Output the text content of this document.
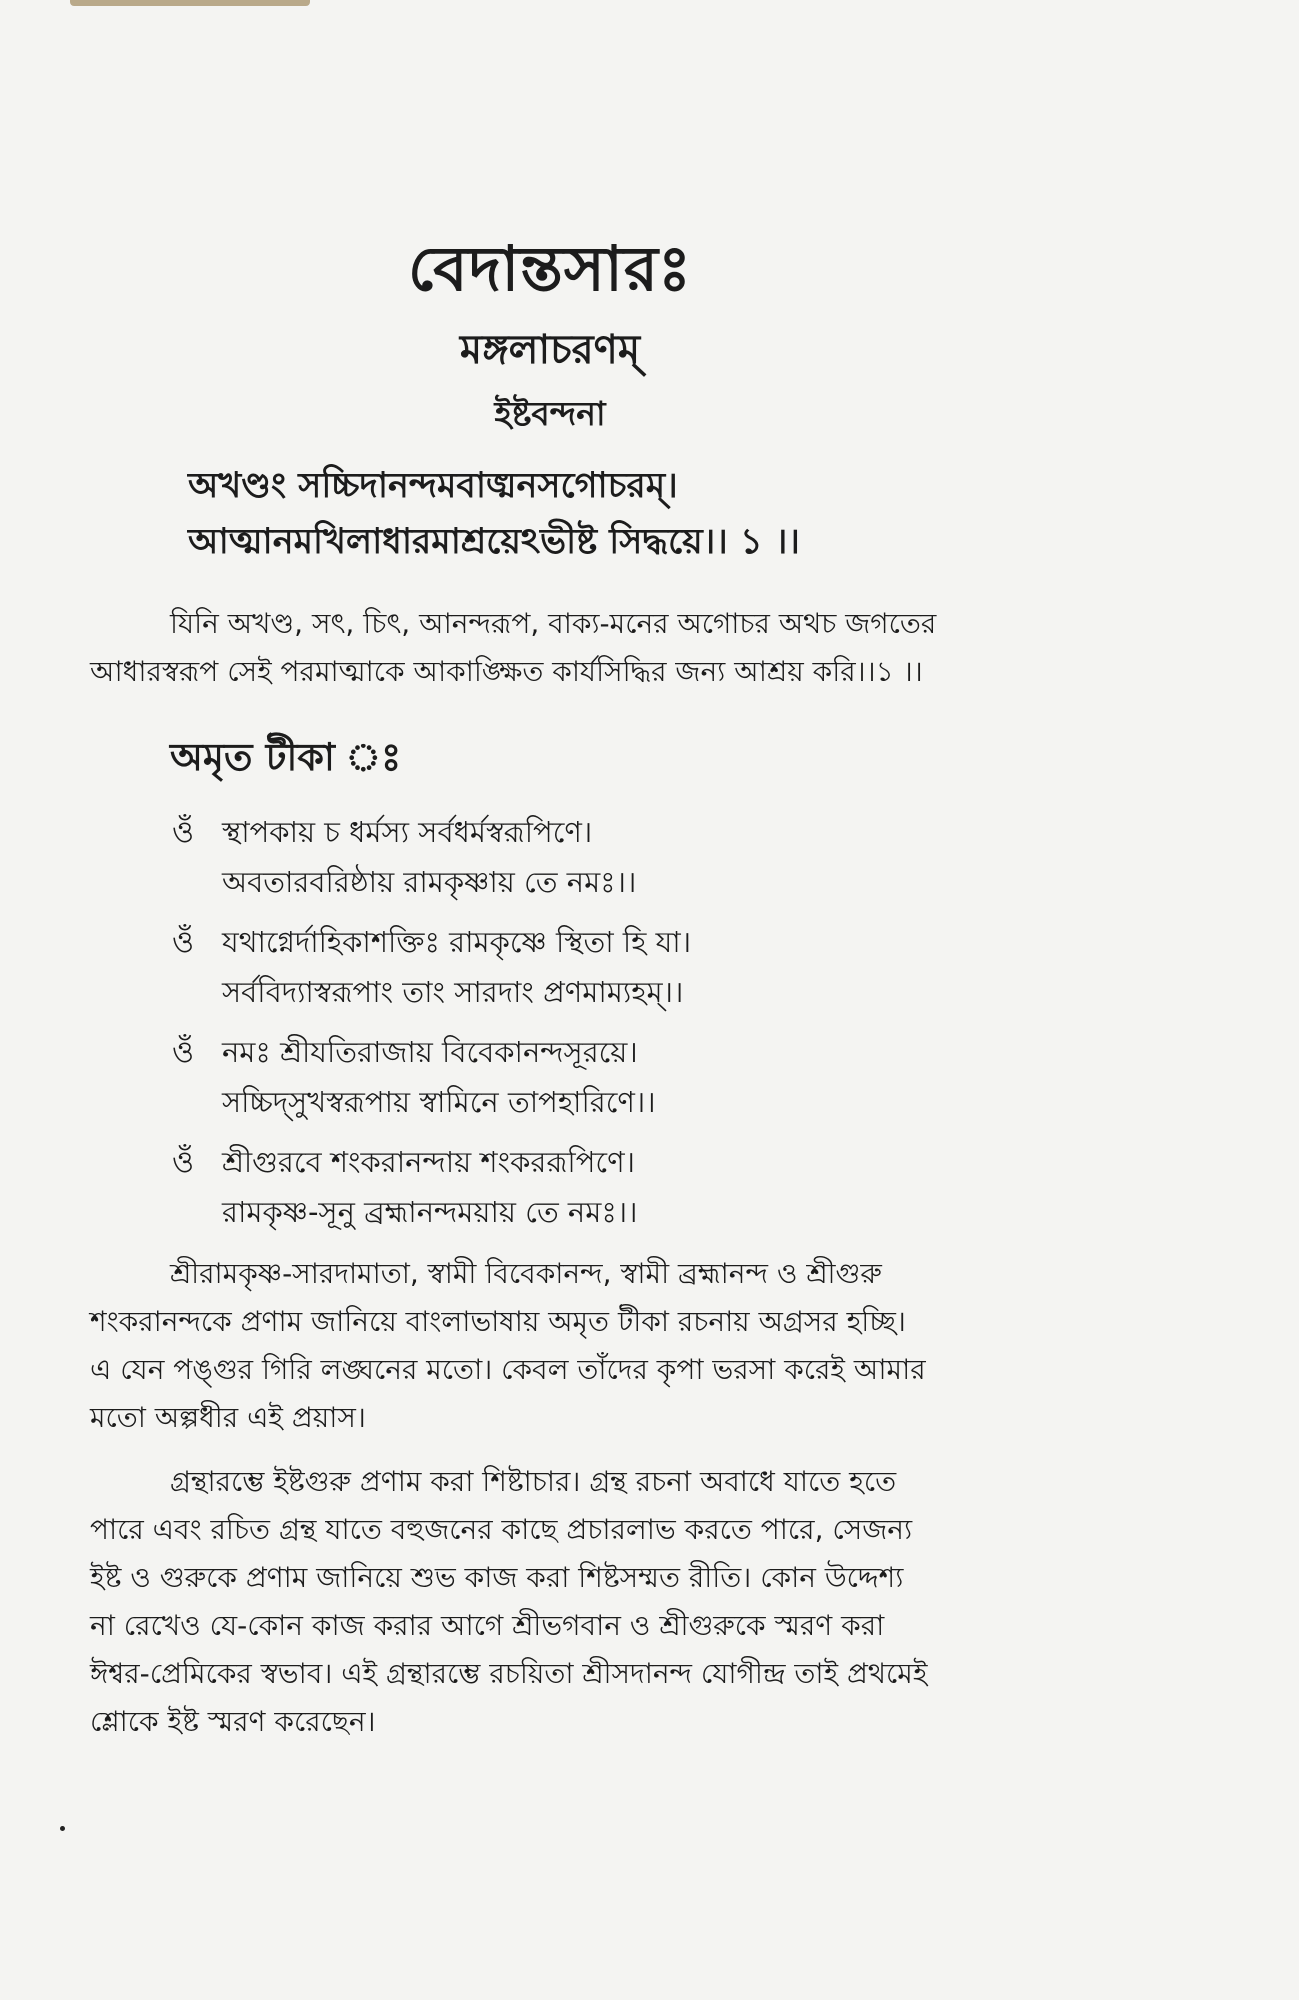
বেদান্তসারঃ
মঙ্গলাচরণম্
ইষ্টবন্দনা
অখণ্ডং সচ্চিদানন্দমবাঙ্মনসগোচরম্।
আত্মানমখিলাধারমাশ্রয়েঽভীষ্ট সিদ্ধয়ে।। ১ ।।
যিনি অখণ্ড, সৎ, চিৎ, আনন্দরূপ, বাক্য-মনের অগোচর অথচ জগতের
আধারস্বরূপ সেই পরমাত্মাকে আকাঙ্ক্ষিত কার্যসিদ্ধির জন্য আশ্রয় করি।।১ ।।
অমৃত টীকা ঃ
ওঁ স্থাপকায় চ ধর্মস্য সর্বধর্মস্বরূপিণে।
অবতারবরিষ্ঠায় রামকৃষ্ণায় তে নমঃ।।
ওঁ যথাগ্নের্দাহিকাশক্তিঃ রামকৃষ্ণে স্থিতা হি যা।
সর্ববিদ্যাস্বরূপাং তাং সারদাং প্রণমাম্যহম্।।
ওঁ নমঃ শ্রীযতিরাজায় বিবেকানন্দসূরয়ে।
সচ্চিদ্‌সুখস্বরূপায় স্বামিনে তাপহারিণে।।
ওঁ শ্রীগুরবে শংকরানন্দায় শংকররূপিণে।
রামকৃষ্ণ-সূনু ব্রহ্মানন্দময়ায় তে নমঃ।।
শ্রীরামকৃষ্ণ-সারদামাতা, স্বামী বিবেকানন্দ, স্বামী ব্রহ্মানন্দ ও শ্রীগুরু
শংকরানন্দকে প্রণাম জানিয়ে বাংলাভাষায় অমৃত টীকা রচনায় অগ্রসর হচ্ছি।
এ যেন পঙ্গুর গিরি লঙ্ঘনের মতো। কেবল তাঁদের কৃপা ভরসা করেই আমার
মতো অল্পধীর এই প্রয়াস।
গ্রন্থারম্ভে ইষ্টগুরু প্রণাম করা শিষ্টাচার। গ্রন্থ রচনা অবাধে যাতে হতে
পারে এবং রচিত গ্রন্থ যাতে বহুজনের কাছে প্রচারলাভ করতে পারে, সেজন্য
ইষ্ট ও গুরুকে প্রণাম জানিয়ে শুভ কাজ করা শিষ্টসম্মত রীতি। কোন উদ্দেশ্য
না রেখেও যে-কোন কাজ করার আগে শ্রীভগবান ও শ্রীগুরুকে স্মরণ করা
ঈশ্বর-প্রেমিকের স্বভাব। এই গ্রন্থারম্ভে রচয়িতা শ্রীসদানন্দ যোগীন্দ্র তাই প্রথমেই
শ্লোকে ইষ্ট স্মরণ করেছেন।
